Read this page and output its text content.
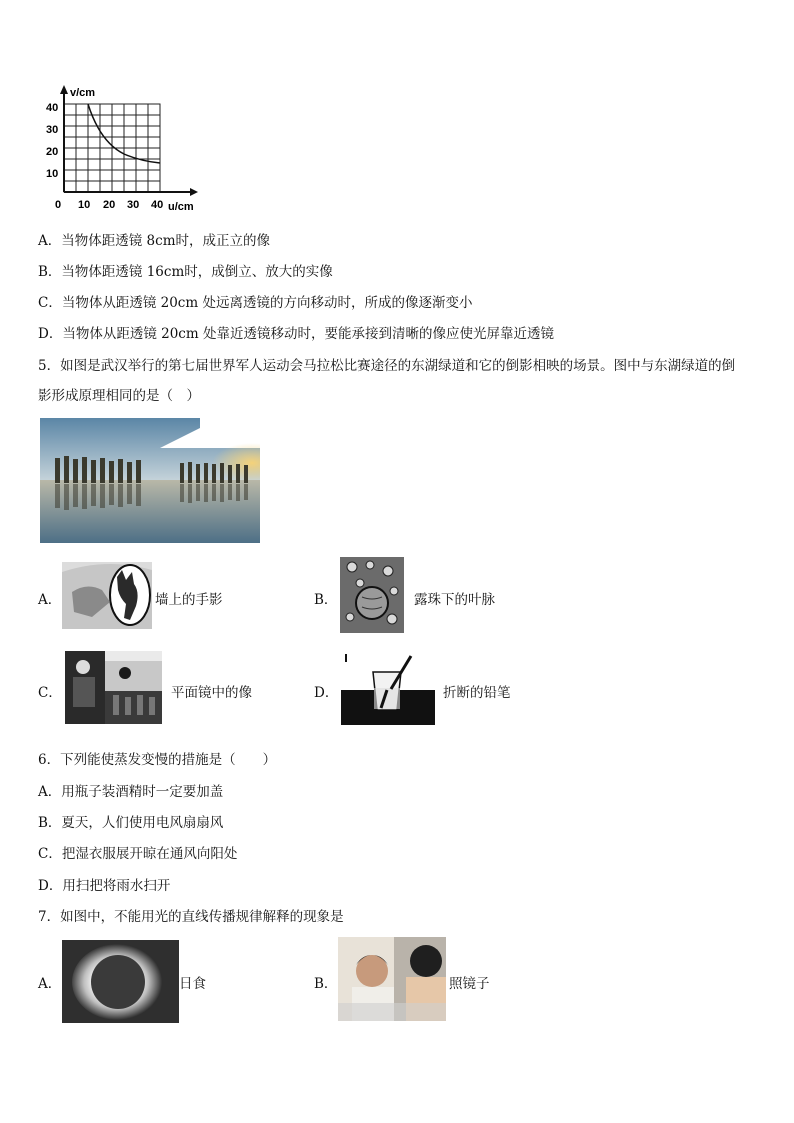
v/cm
u/cm
40
30
20
10
0 10 20 30 40
A．当物体距透镜 8cm时，成正立的像
B．当物体距透镜 16cm时，成倒立、放大的实像
C．当物体从距透镜 20cm 处远离透镜的方向移动时，所成的像逐渐变小
D．当物体从距透镜 20cm 处靠近透镜移动时，要能承接到清晰的像应使光屏靠近透镜
5．如图是武汉举行的第七届世界军人运动会马拉松比赛途径的东湖绿道和它的倒影相映的场景。图中与东湖绿道的倒
影形成原理相同的是（　）
A．	墙上的手影	B．	露珠下的叶脉
C．	平面镜中的像	D．	折断的铅笔
6．下列能使蒸发变慢的措施是（　　）
A．用瓶子装酒精时一定要加盖
B．夏天，人们使用电风扇扇风
C．把湿衣服展开晾在通风向阳处
D．用扫把将雨水扫开
7．如图中，不能用光的直线传播规律解释的现象是
A．	日食	B．	照镜子
